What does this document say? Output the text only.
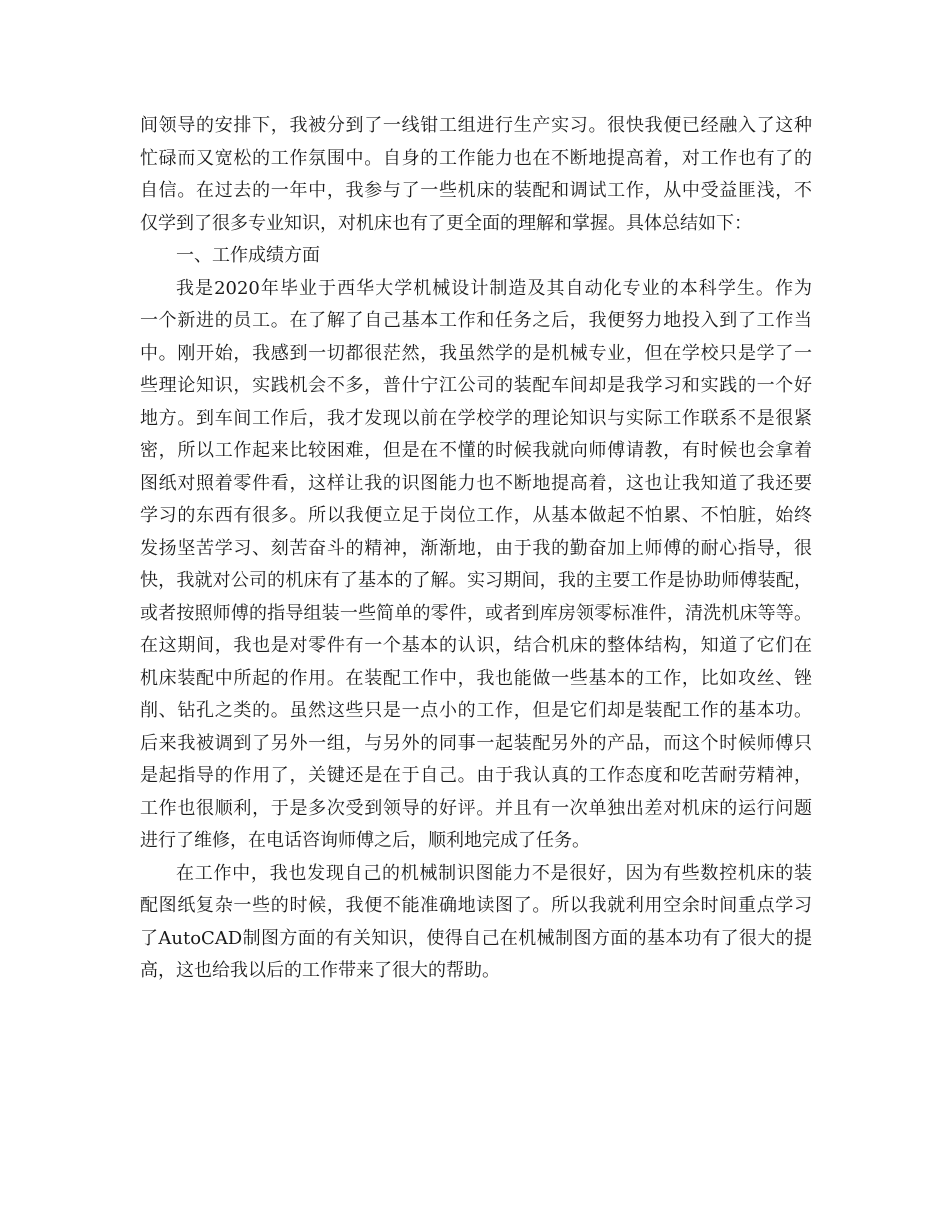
间领导的安排下，我被分到了一线钳工组进行生产实习。很快我便已经融入了这种
忙碌而又宽松的工作氛围中。自身的工作能力也在不断地提高着，对工作也有了的
自信。在过去的一年中，我参与了一些机床的装配和调试工作，从中受益匪浅，不
仅学到了很多专业知识，对机床也有了更全面的理解和掌握。具体总结如下：
一、工作成绩方面
我是2020年毕业于西华大学机械设计制造及其自动化专业的本科学生。作为
一个新进的员工。在了解了自己基本工作和任务之后，我便努力地投入到了工作当
中。刚开始，我感到一切都很茫然，我虽然学的是机械专业，但在学校只是学了一
些理论知识，实践机会不多，普什宁江公司的装配车间却是我学习和实践的一个好
地方。到车间工作后，我才发现以前在学校学的理论知识与实际工作联系不是很紧
密，所以工作起来比较困难，但是在不懂的时候我就向师傅请教，有时候也会拿着
图纸对照着零件看，这样让我的识图能力也不断地提高着，这也让我知道了我还要
学习的东西有很多。所以我便立足于岗位工作，从基本做起不怕累、不怕脏，始终
发扬坚苦学习、刻苦奋斗的精神，渐渐地，由于我的勤奋加上师傅的耐心指导，很
快，我就对公司的机床有了基本的了解。实习期间，我的主要工作是协助师傅装配，
或者按照师傅的指导组装一些简单的零件，或者到库房领零标准件，清洗机床等等。
在这期间，我也是对零件有一个基本的认识，结合机床的整体结构，知道了它们在
机床装配中所起的作用。在装配工作中，我也能做一些基本的工作，比如攻丝、锉
削、钻孔之类的。虽然这些只是一点小的工作，但是它们却是装配工作的基本功。
后来我被调到了另外一组，与另外的同事一起装配另外的产品，而这个时候师傅只
是起指导的作用了，关键还是在于自己。由于我认真的工作态度和吃苦耐劳精神，
工作也很顺利，于是多次受到领导的好评。并且有一次单独出差对机床的运行问题
进行了维修，在电话咨询师傅之后，顺利地完成了任务。
在工作中，我也发现自己的机械制识图能力不是很好，因为有些数控机床的装
配图纸复杂一些的时候，我便不能准确地读图了。所以我就利用空余时间重点学习
了AutoCAD制图方面的有关知识，使得自己在机械制图方面的基本功有了很大的提
高，这也给我以后的工作带来了很大的帮助。
